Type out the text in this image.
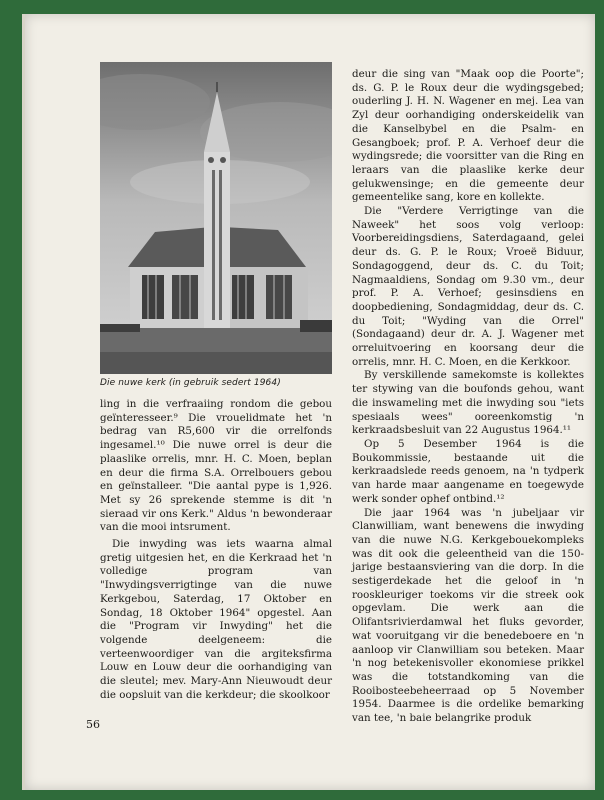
Die nuwe kerk (in gebruik sedert 1964)

ling in die verfraaiing rondom die gebou geïnteresseer.⁹ Die vrouelidmate het 'n bedrag van R5,600 vir die orrelfonds ingesamel.¹⁰ Die nuwe orrel is deur die plaaslike orrelis, mnr. H. C. Moen, beplan en deur die firma S.A. Orrelbouers gebou en geïnstalleer. "Die aantal pype is 1,926. Met sy 26 sprekende stemme is dit 'n sieraad vir ons Kerk." Aldus 'n bewonderaar van die mooi intsrument.

Die inwyding was iets waarna almal gretig uitgesien het, en die Kerkraad het 'n volledige program van "Inwydingsverrigtinge van die nuwe Kerkgebou, Saterdag, 17 Oktober en Sondag, 18 Oktober 1964" opgestel. Aan die "Program vir Inwyding" het die volgende deelgeneem: die verteenwoordiger van die argiteksfirma Louw en Louw deur die oorhandiging van die sleutel; mev. Mary-Ann Nieuwoudt deur die oopsluit van die kerkdeur; die skoolkoor

deur die sing van "Maak oop die Poorte"; ds. G. P. le Roux deur die wydingsgebed; ouderling J. H. N. Wagener en mej. Lea van Zyl deur oorhandiging onderskeidelik van die Kanselbybel en die Psalm- en Gesangboek; prof. P. A. Verhoef deur die wydingsrede; die voorsitter van die Ring en leraars van die plaaslike kerke deur gelukwensinge; en die gemeente deur gemeentelike sang, kore en kollekte.

Die "Verdere Verrigtinge van die Naweek" het soos volg verloop: Voorbereidingsdiens, Saterdagaand, gelei deur ds. G. P. le Roux; Vroeë Biduur, Sondagoggend, deur ds. C. du Toit; Nagmaaldiens, Sondag om 9.30 vm., deur prof. P. A. Verhoef; gesinsdiens en doopbediening, Sondagmiddag, deur ds. C. du Toit; "Wyding van die Orrel" (Sondagaand) deur dr. A. J. Wagener met orreluitvoering en koorsang deur die orrelis, mnr. H. C. Moen, en die Kerkkoor.

By verskillende samekomste is kollektes ter stywing van die boufonds gehou, want die inswameling met die inwyding sou "iets spesiaals wees" ooreenkomstig 'n kerkraadsbesluit van 22 Augustus 1964.¹¹

Op 5 Desember 1964 is die Boukommissie, bestaande uit die kerkraadslede reeds genoem, na 'n tydperk van harde maar aangename en toegewyde werk sonder ophef ontbind.¹²

Die jaar 1964 was 'n jubeljaar vir Clanwilliam, want benewens die inwyding van die nuwe N.G. Kerkgebouekompleks was dit ook die geleentheid van die 150-jarige bestaansviering van die dorp. In die sestigerdekade het die geloof in 'n rooskleuriger toekoms vir die streek ook opgevlam. Die werk aan die Olifantsrivierdamwal het fluks gevorder, wat vooruitgang vir die benedeboere en 'n aanloop vir Clanwilliam sou beteken. Maar 'n nog betekenisvoller ekonomiese prikkel was die totstandkoming van die Rooibosteebeheerraad op 5 November 1954. Daarmee is die ordelike bemarking van tee, 'n baie belangrike produk

56
